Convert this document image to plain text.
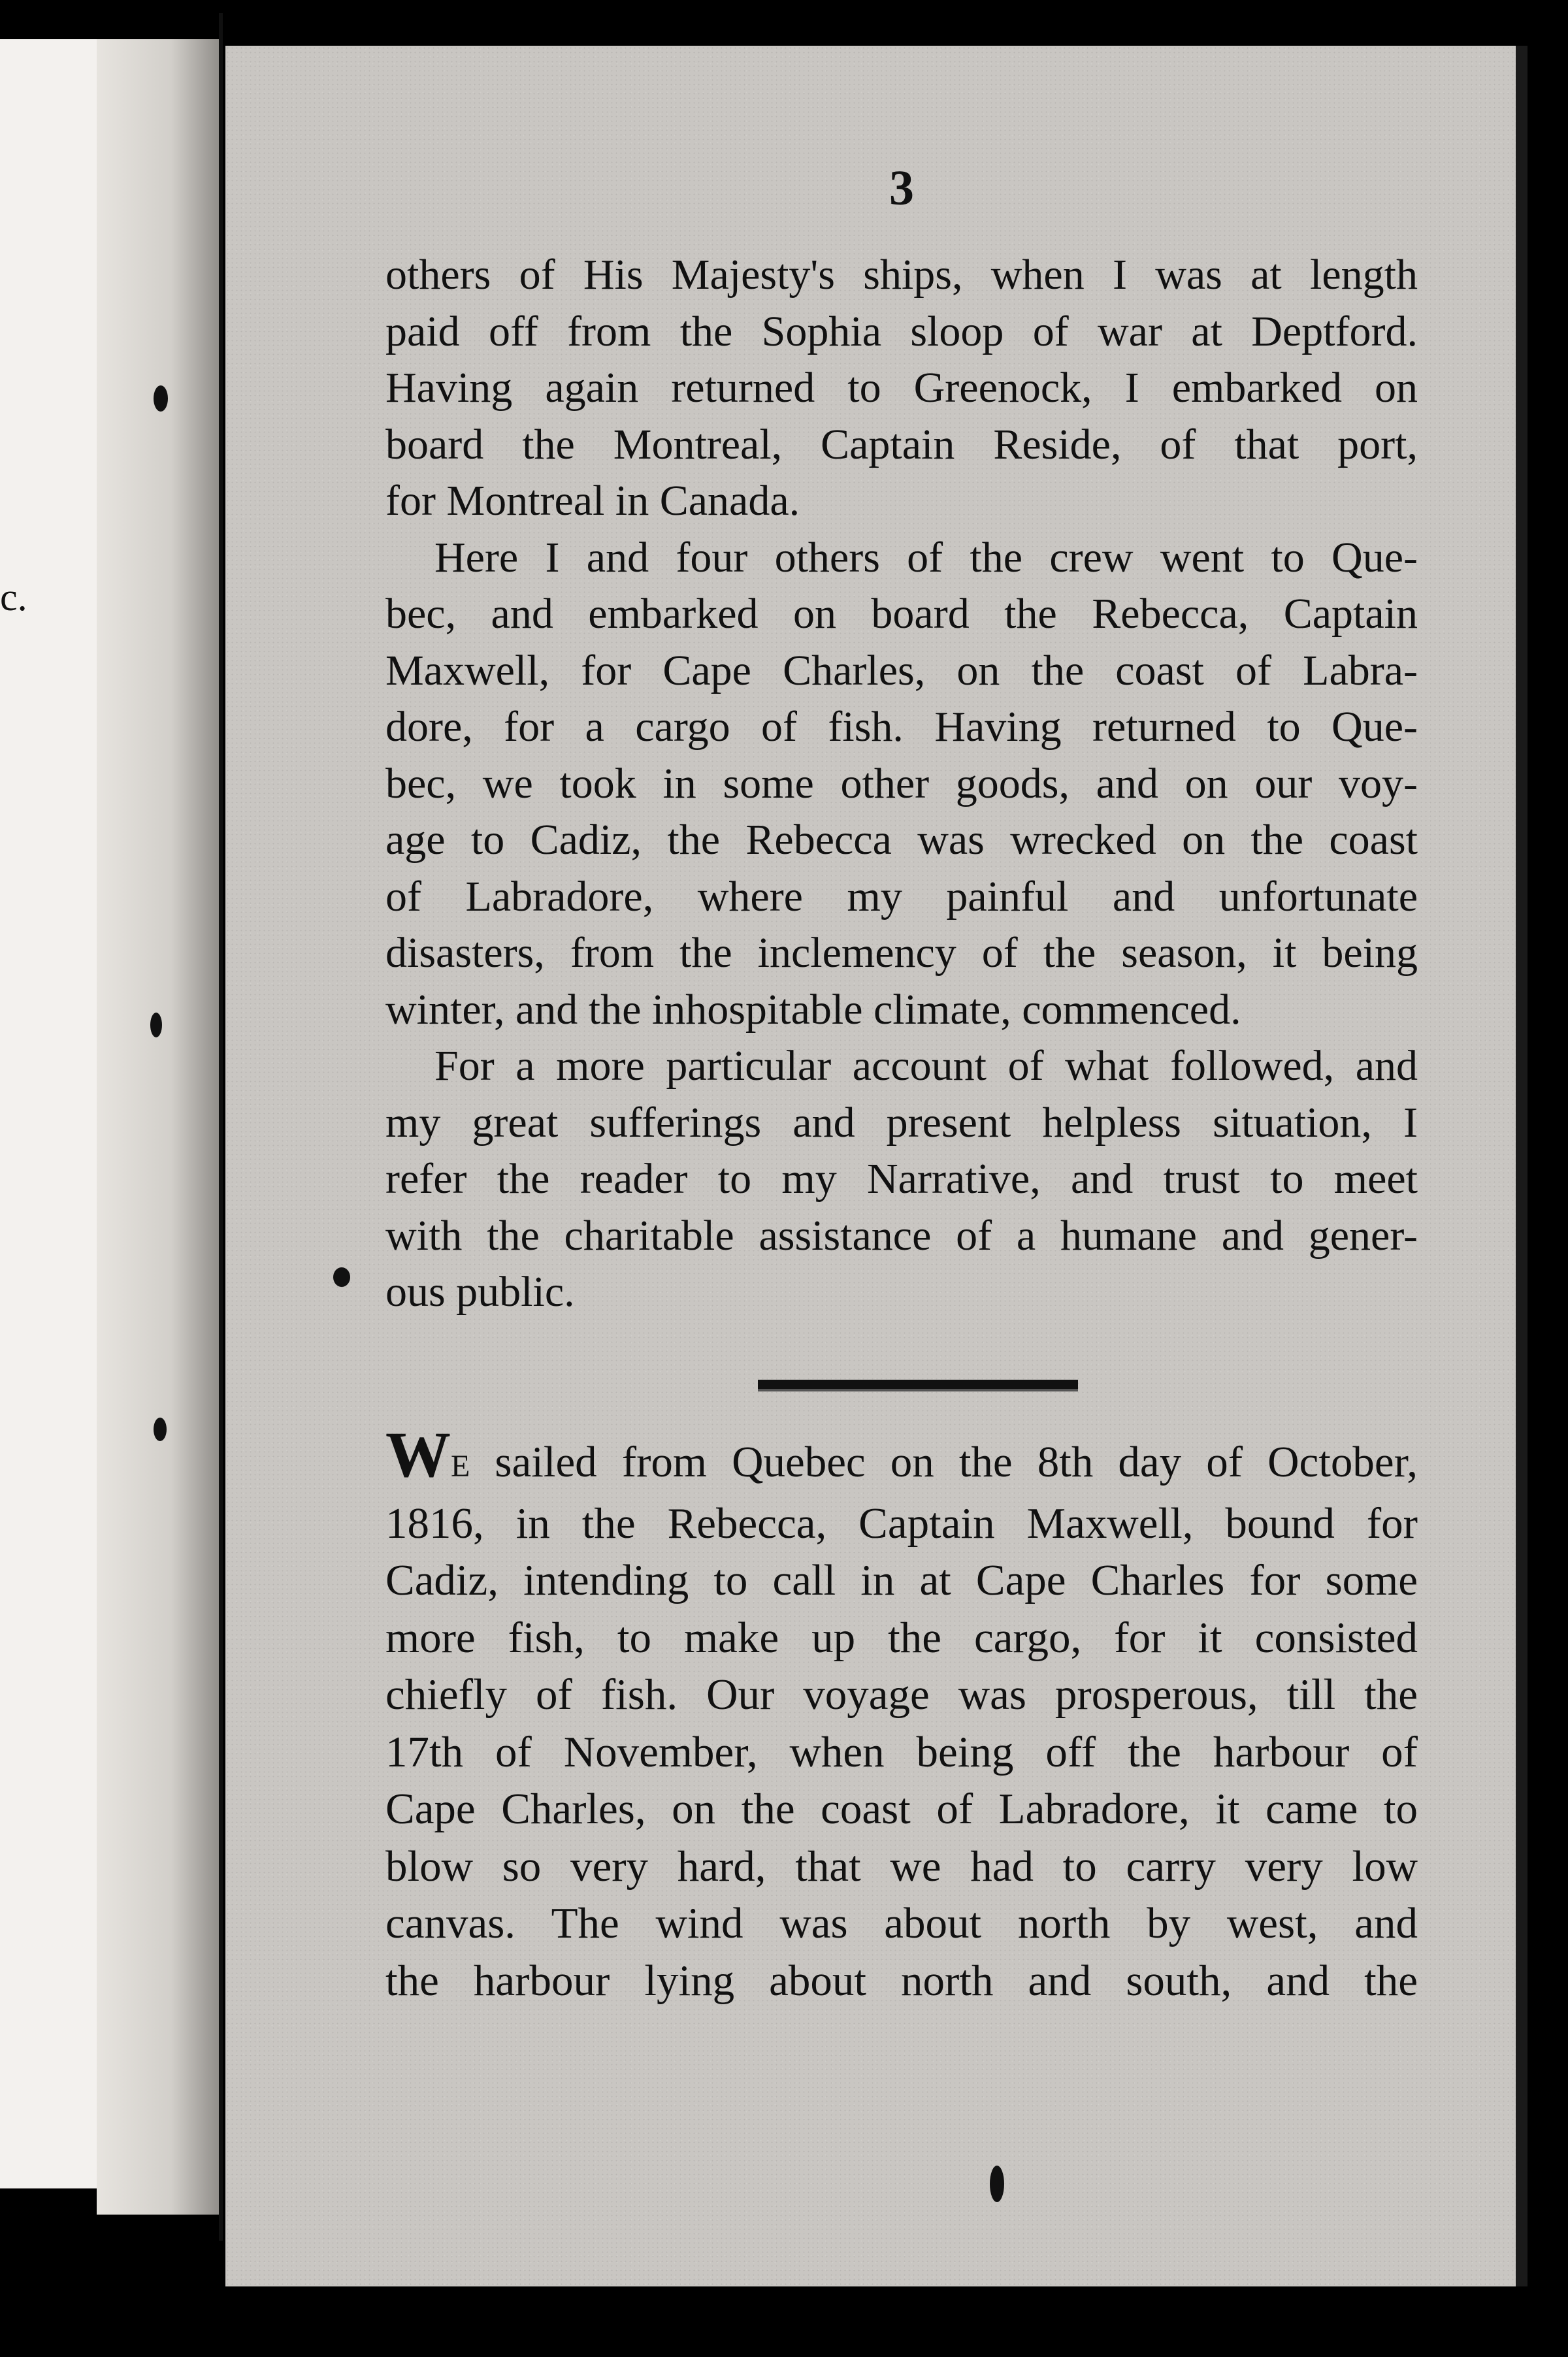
c.
3
others of His Majesty's ships, when I was at length
paid off from the Sophia sloop of war at Deptford.
Having again returned to Greenock, I embarked on
board the Montreal, Captain Reside, of that port,
for Montreal in Canada.
Here I and four others of the crew went to Que-
bec, and embarked on board the Rebecca, Captain
Maxwell, for Cape Charles, on the coast of Labra-
dore, for a cargo of fish. Having returned to Que-
bec, we took in some other goods, and on our voy-
age to Cadiz, the Rebecca was wrecked on the coast
of Labradore, where my painful and unfortunate
disasters, from the inclemency of the season, it being
winter, and the inhospitable climate, commenced.
For a more particular account of what followed, and
my great sufferings and present helpless situation, I
refer the reader to my Narrative, and trust to meet
with the charitable assistance of a humane and gener-
ous public.
WE sailed from Quebec on the 8th day of October,
1816, in the Rebecca, Captain Maxwell, bound for
Cadiz, intending to call in at Cape Charles for some
more fish, to make up the cargo, for it consisted
chiefly of fish. Our voyage was prosperous, till the
17th of November, when being off the harbour of
Cape Charles, on the coast of Labradore, it came to
blow so very hard, that we had to carry very low
canvas. The wind was about north by west, and
the harbour lying about north and south, and the
